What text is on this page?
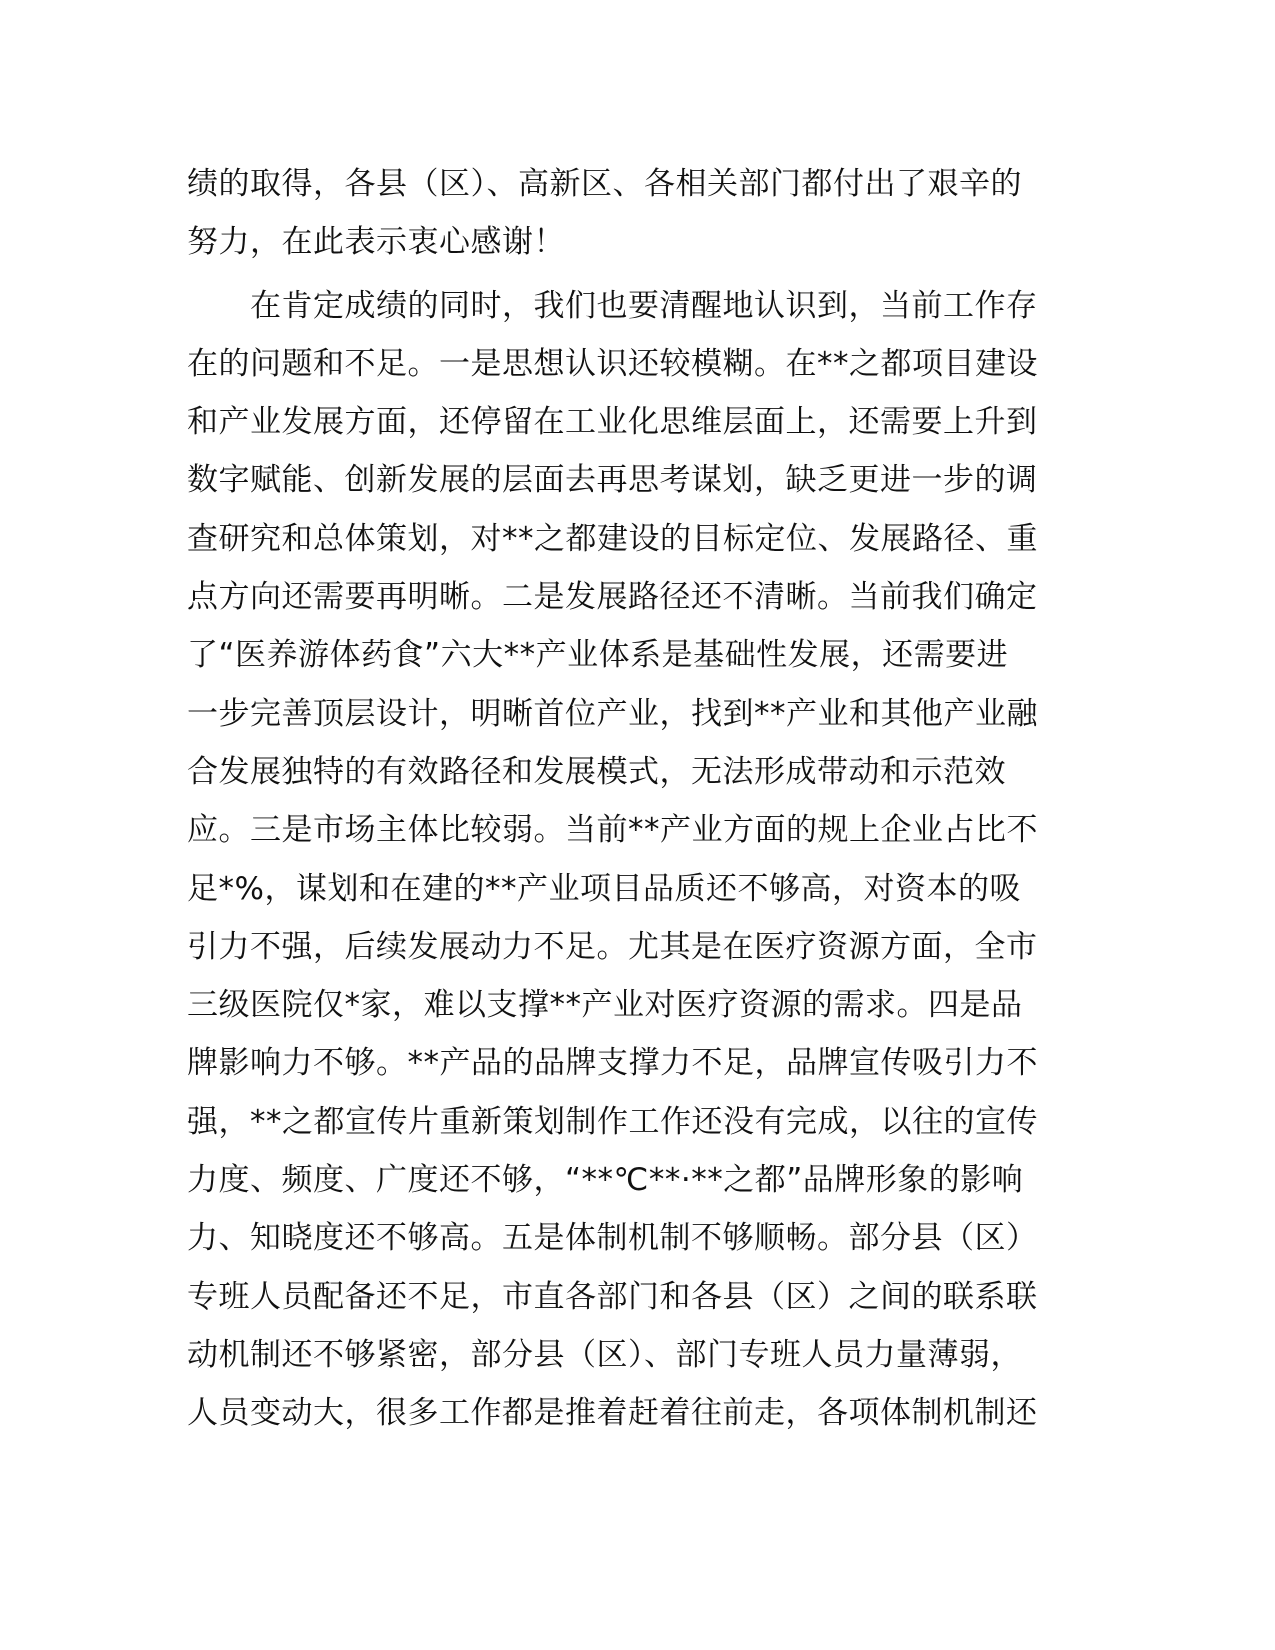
绩的取得，各县（区）、高新区、各相关部门都付出了艰辛的
努力，在此表示衷心感谢！
　　在肯定成绩的同时，我们也要清醒地认识到，当前工作存
在的问题和不足。一是思想认识还较模糊。在**之都项目建设
和产业发展方面，还停留在工业化思维层面上，还需要上升到
数字赋能、创新发展的层面去再思考谋划，缺乏更进一步的调
查研究和总体策划，对**之都建设的目标定位、发展路径、重
点方向还需要再明晰。二是发展路径还不清晰。当前我们确定
了“医养游体药食”六大**产业体系是基础性发展，还需要进
一步完善顶层设计，明晰首位产业，找到**产业和其他产业融
合发展独特的有效路径和发展模式，无法形成带动和示范效
应。三是市场主体比较弱。当前**产业方面的规上企业占比不
足*%，谋划和在建的**产业项目品质还不够高，对资本的吸
引力不强，后续发展动力不足。尤其是在医疗资源方面，全市
三级医院仅*家，难以支撑**产业对医疗资源的需求。四是品
牌影响力不够。**产品的品牌支撑力不足，品牌宣传吸引力不
强，**之都宣传片重新策划制作工作还没有完成，以往的宣传
力度、频度、广度还不够，“**℃**·**之都”品牌形象的影响
力、知晓度还不够高。五是体制机制不够顺畅。部分县（区）
专班人员配备还不足，市直各部门和各县（区）之间的联系联
动机制还不够紧密，部分县（区）、部门专班人员力量薄弱，
人员变动大，很多工作都是推着赶着往前走，各项体制机制还
